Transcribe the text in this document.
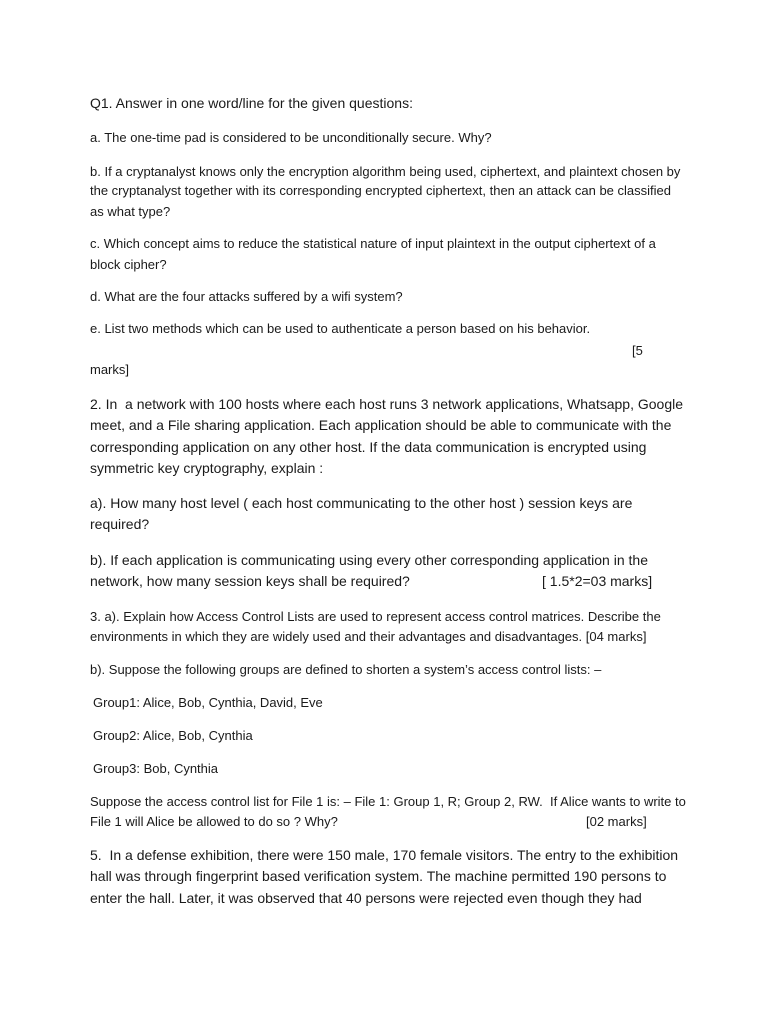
Q1. Answer in one word/line for the given questions:
a. The one-time pad is considered to be unconditionally secure. Why?
b. If a cryptanalyst knows only the encryption algorithm being used, ciphertext, and plaintext chosen by
the cryptanalyst together with its corresponding encrypted ciphertext, then an attack can be classified
as what type?
c. Which concept aims to reduce the statistical nature of input plaintext in the output ciphertext of a
block cipher?
d. What are the four attacks suffered by a wifi system?
e. List two methods which can be used to authenticate a person based on his behavior.
[5
marks]
2. In  a network with 100 hosts where each host runs 3 network applications, Whatsapp, Google
meet, and a File sharing application. Each application should be able to communicate with the
corresponding application on any other host. If the data communication is encrypted using
symmetric key cryptography, explain :
a). How many host level ( each host communicating to the other host ) session keys are
required?
b). If each application is communicating using every other corresponding application in the
network, how many session keys shall be required?	[ 1.5*2=03 marks]
3. a). Explain how Access Control Lists are used to represent access control matrices. Describe the
environments in which they are widely used and their advantages and disadvantages. [04 marks]
b). Suppose the following groups are defined to shorten a system’s access control lists: –
Group1: Alice, Bob, Cynthia, David, Eve
Group2: Alice, Bob, Cynthia
Group3: Bob, Cynthia
Suppose the access control list for File 1 is: – File 1: Group 1, R; Group 2, RW.  If Alice wants to write to
File 1 will Alice be allowed to do so ? Why?	[02 marks]
5.  In a defense exhibition, there were 150 male, 170 female visitors. The entry to the exhibition
hall was through fingerprint based verification system. The machine permitted 190 persons to
enter the hall. Later, it was observed that 40 persons were rejected even though they had
